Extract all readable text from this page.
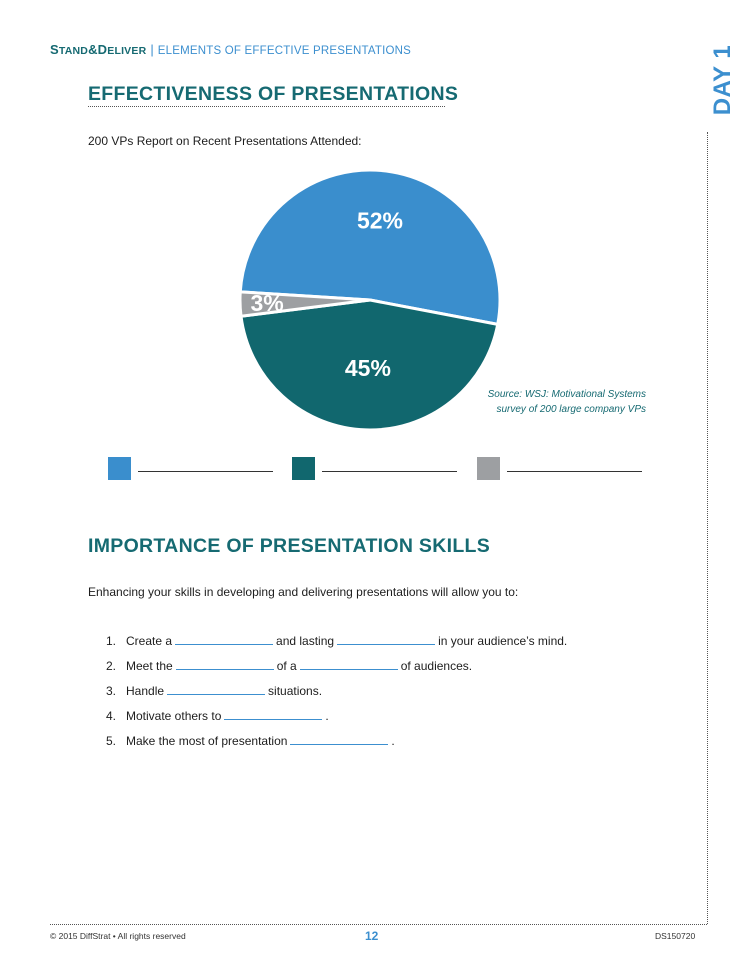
STAND&DELIVER | ELEMENTS OF EFFECTIVE PRESENTATIONS	DAY 1
EFFECTIVENESS OF PRESENTATIONS
200 VPs Report on Recent Presentations Attended:
52%
45%
3%
Source: WSJ: Motivational Systems
survey of 200 large company VPs
IMPORTANCE OF PRESENTATION SKILLS
Enhancing your skills in developing and delivering presentations will allow you to:
1. Create a	and lasting	in your audience’s mind.
2. Meet the	of a	of audiences.
3. Handle	situations.
4. Motivate others to	.
5. Make the most of presentation	.
© 2015 DiffStrat • All rights reserved	12	DS150720
